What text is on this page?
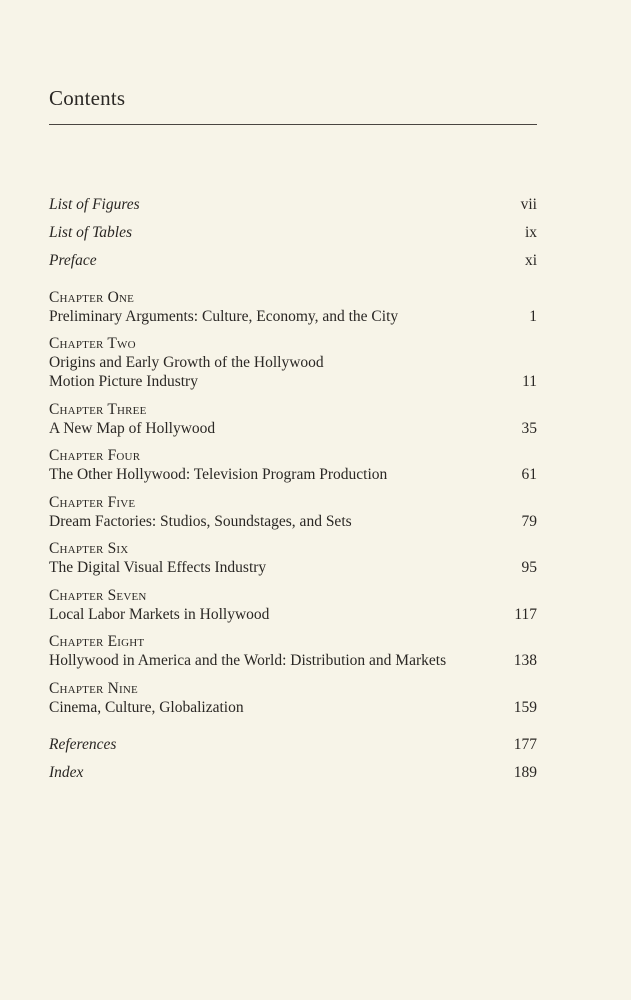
Contents
List of Figures	vii
List of Tables	ix
Preface	xi
Chapter One
Preliminary Arguments: Culture, Economy, and the City	1
Chapter Two
Origins and Early Growth of the Hollywood
Motion Picture Industry	11
Chapter Three
A New Map of Hollywood	35
Chapter Four
The Other Hollywood: Television Program Production	61
Chapter Five
Dream Factories: Studios, Soundstages, and Sets	79
Chapter Six
The Digital Visual Effects Industry	95
Chapter Seven
Local Labor Markets in Hollywood	117
Chapter Eight
Hollywood in America and the World: Distribution and Markets	138
Chapter Nine
Cinema, Culture, Globalization	159
References	177
Index	189
